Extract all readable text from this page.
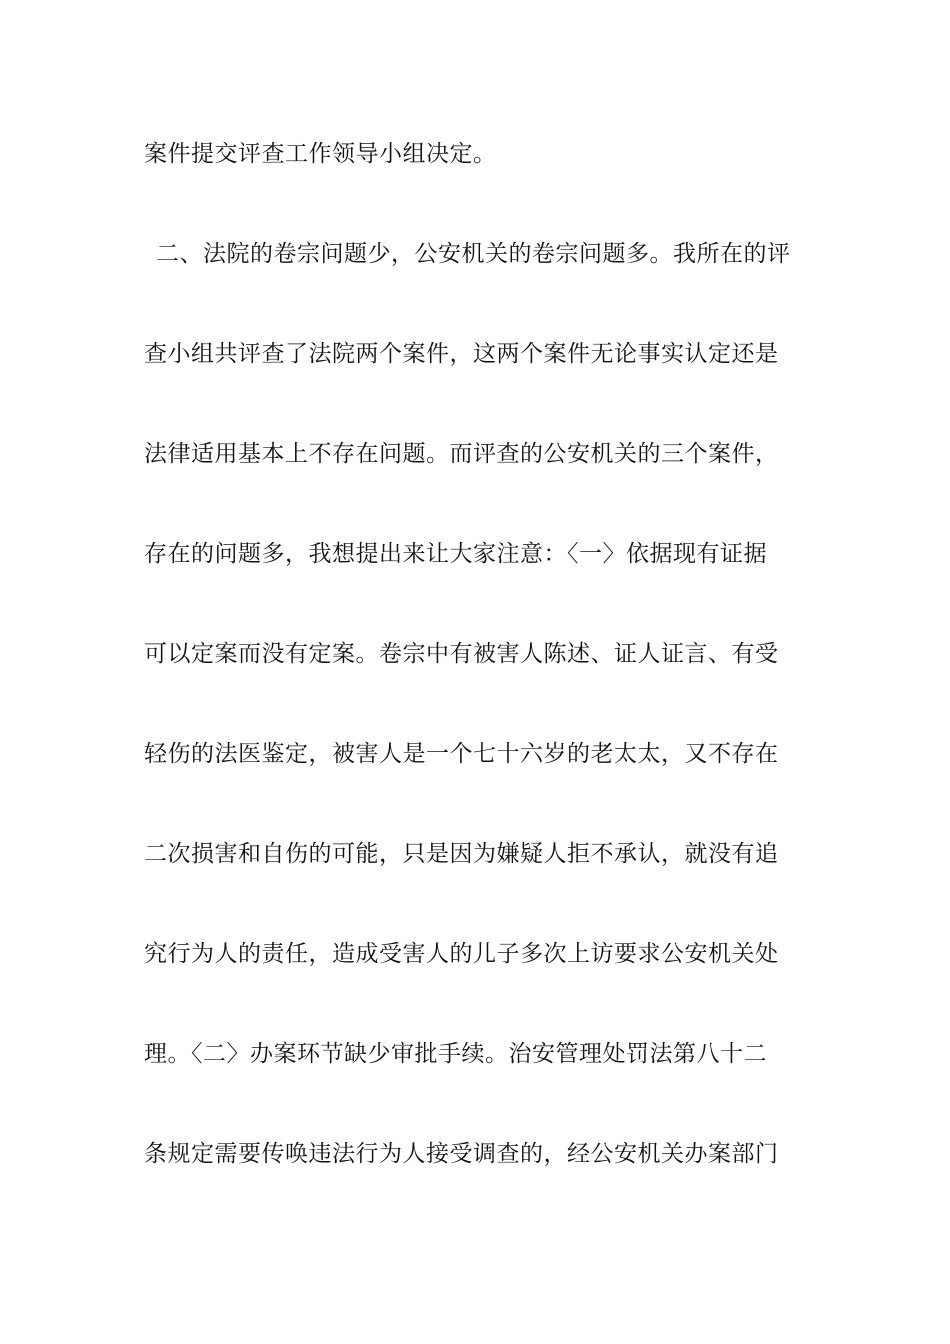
案件提交评查工作领导小组决定。
二、法院的卷宗问题少，公安机关的卷宗问题多。我所在的评
查小组共评查了法院两个案件，这两个案件无论事实认定还是
法律适用基本上不存在问题。而评查的公安机关的三个案件，
存在的问题多，我想提出来让大家注意：〈一〉依据现有证据
可以定案而没有定案。卷宗中有被害人陈述、证人证言、有受
轻伤的法医鉴定，被害人是一个七十六岁的老太太，又不存在
二次损害和自伤的可能，只是因为嫌疑人拒不承认，就没有追
究行为人的责任，造成受害人的儿子多次上访要求公安机关处
理。〈二〉办案环节缺少审批手续。治安管理处罚法第八十二
条规定需要传唤违法行为人接受调查的，经公安机关办案部门
